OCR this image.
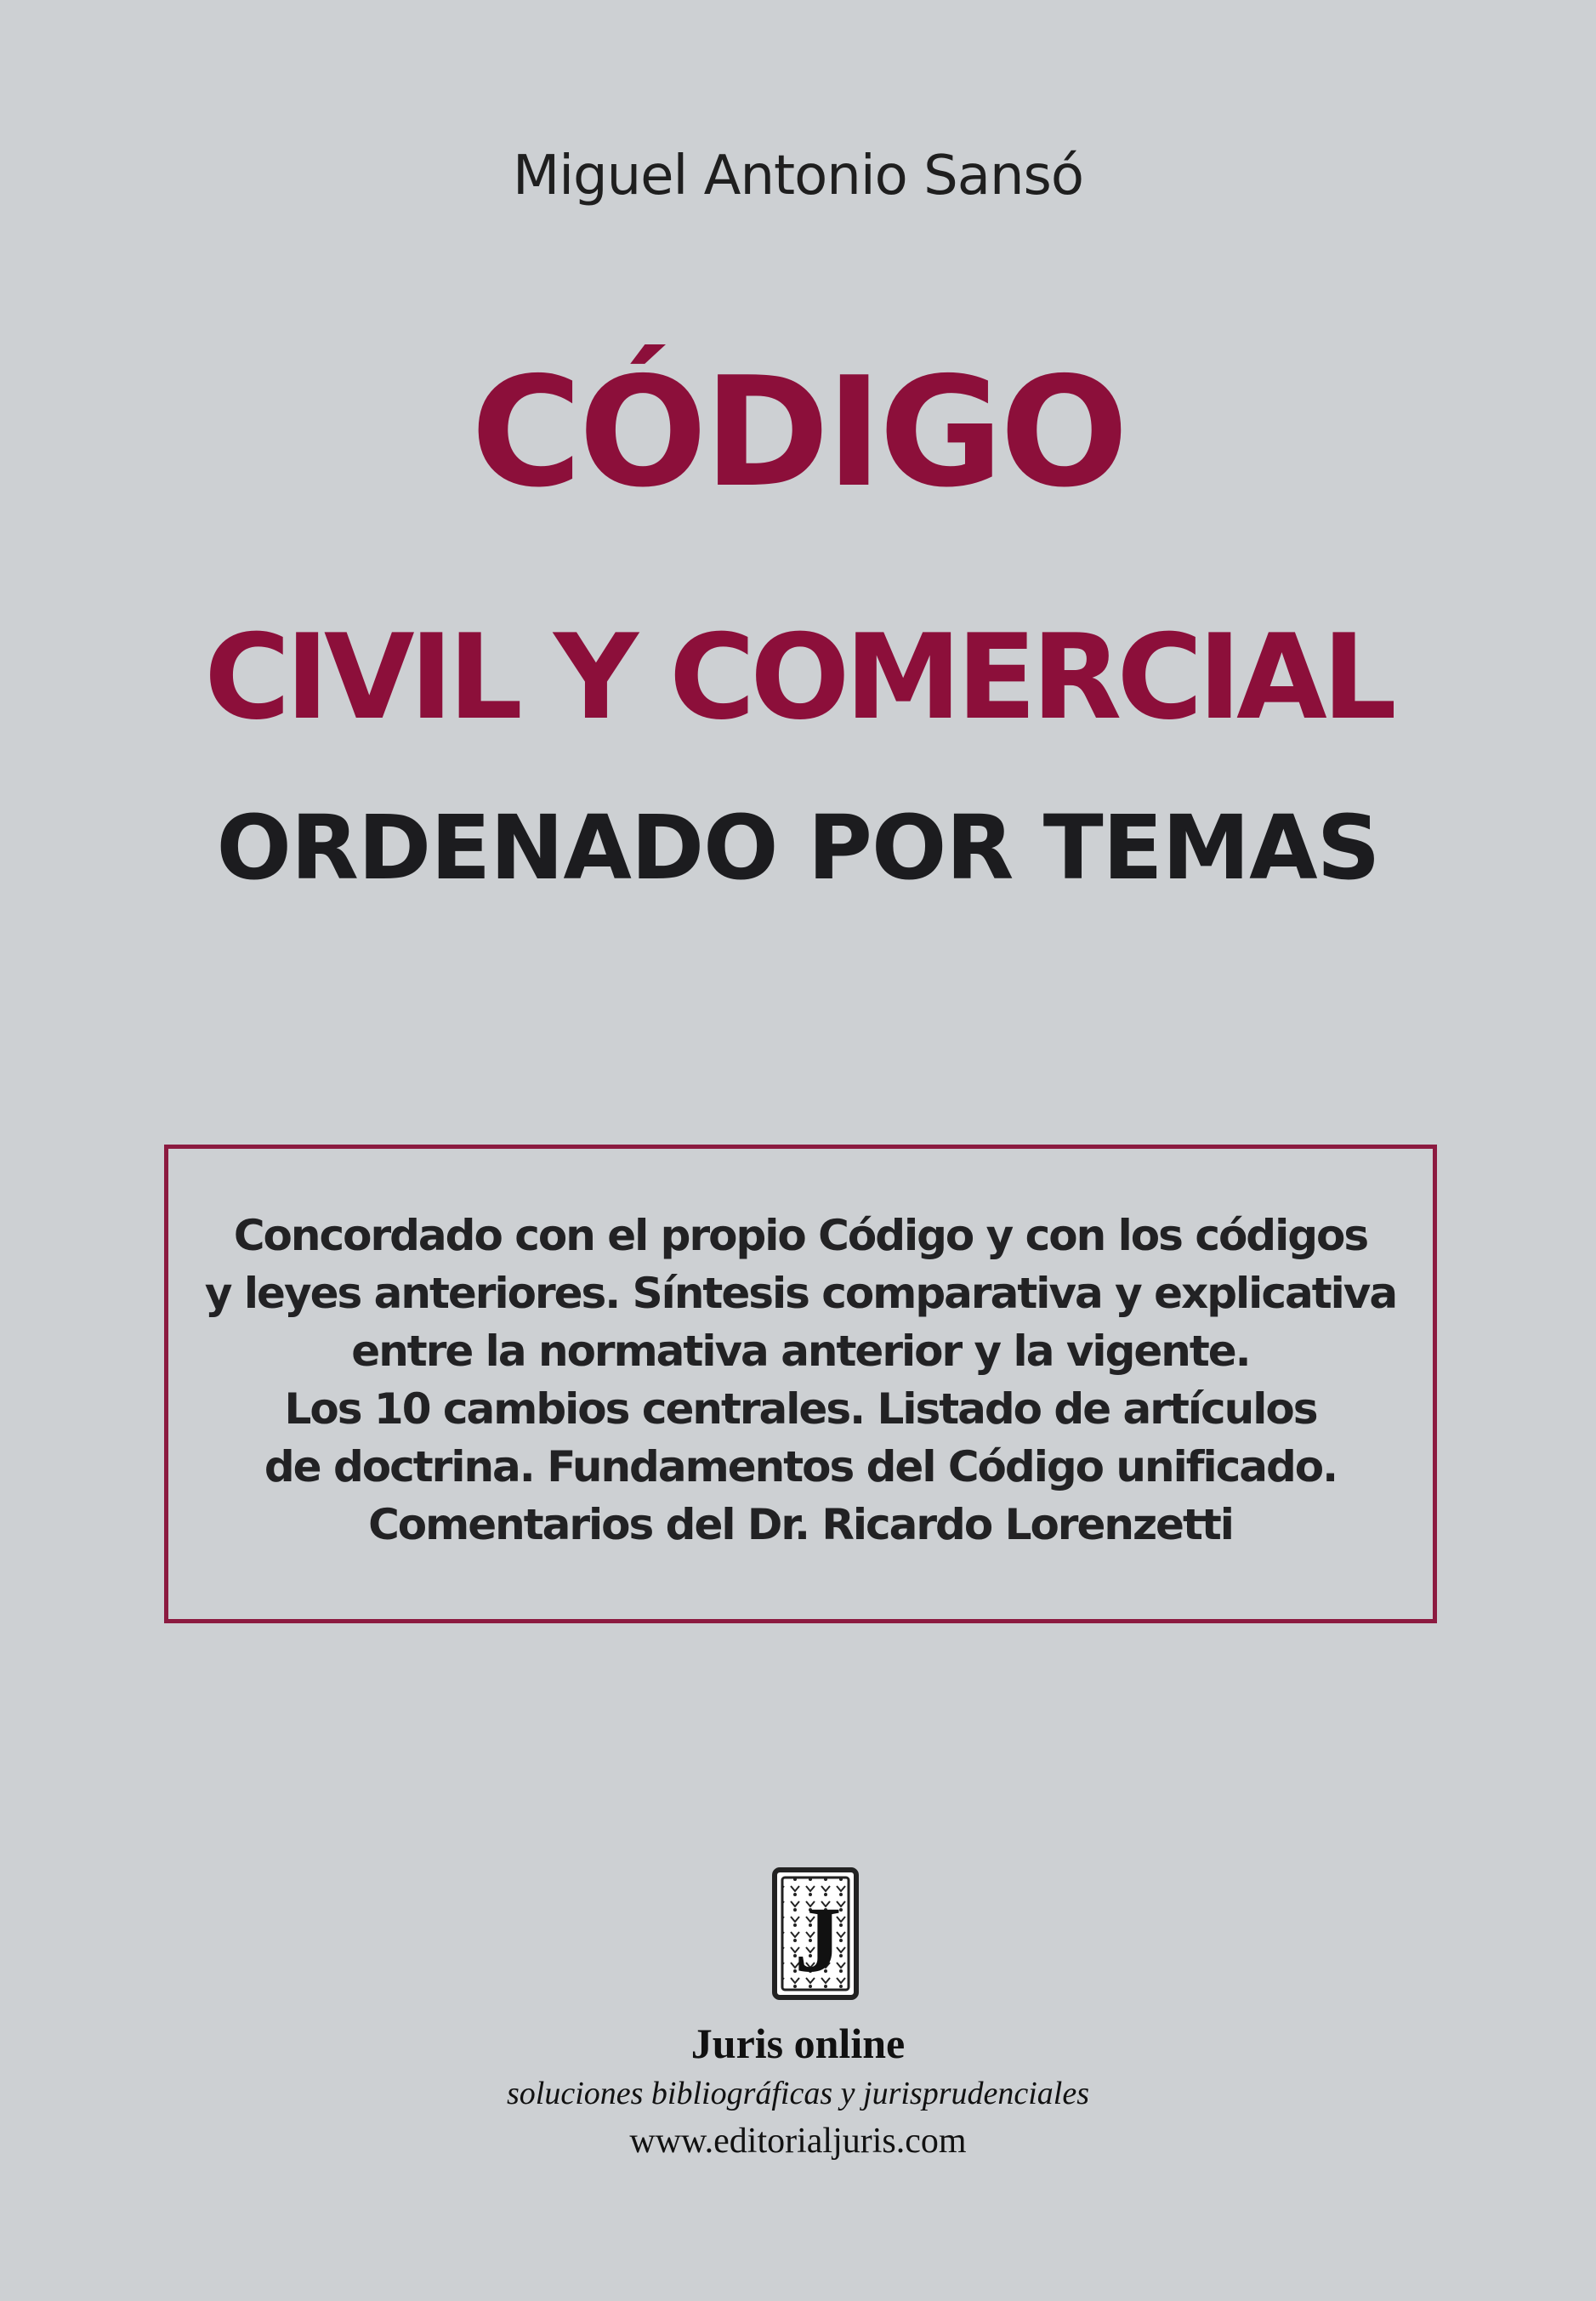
Miguel Antonio Sansó
CÓDIGO
CIVIL Y COMERCIAL
ORDENADO POR TEMAS
Concordado con el propio Código y con los códigos
y leyes anteriores. Síntesis comparativa y explicativa
entre la normativa anterior y la vigente.
Los 10 cambios centrales. Listado de artículos
de doctrina. Fundamentos del Código unificado.
Comentarios del Dr. Ricardo Lorenzetti
J
Juris online
soluciones bibliográficas y jurisprudenciales
www.editorialjuris.com
